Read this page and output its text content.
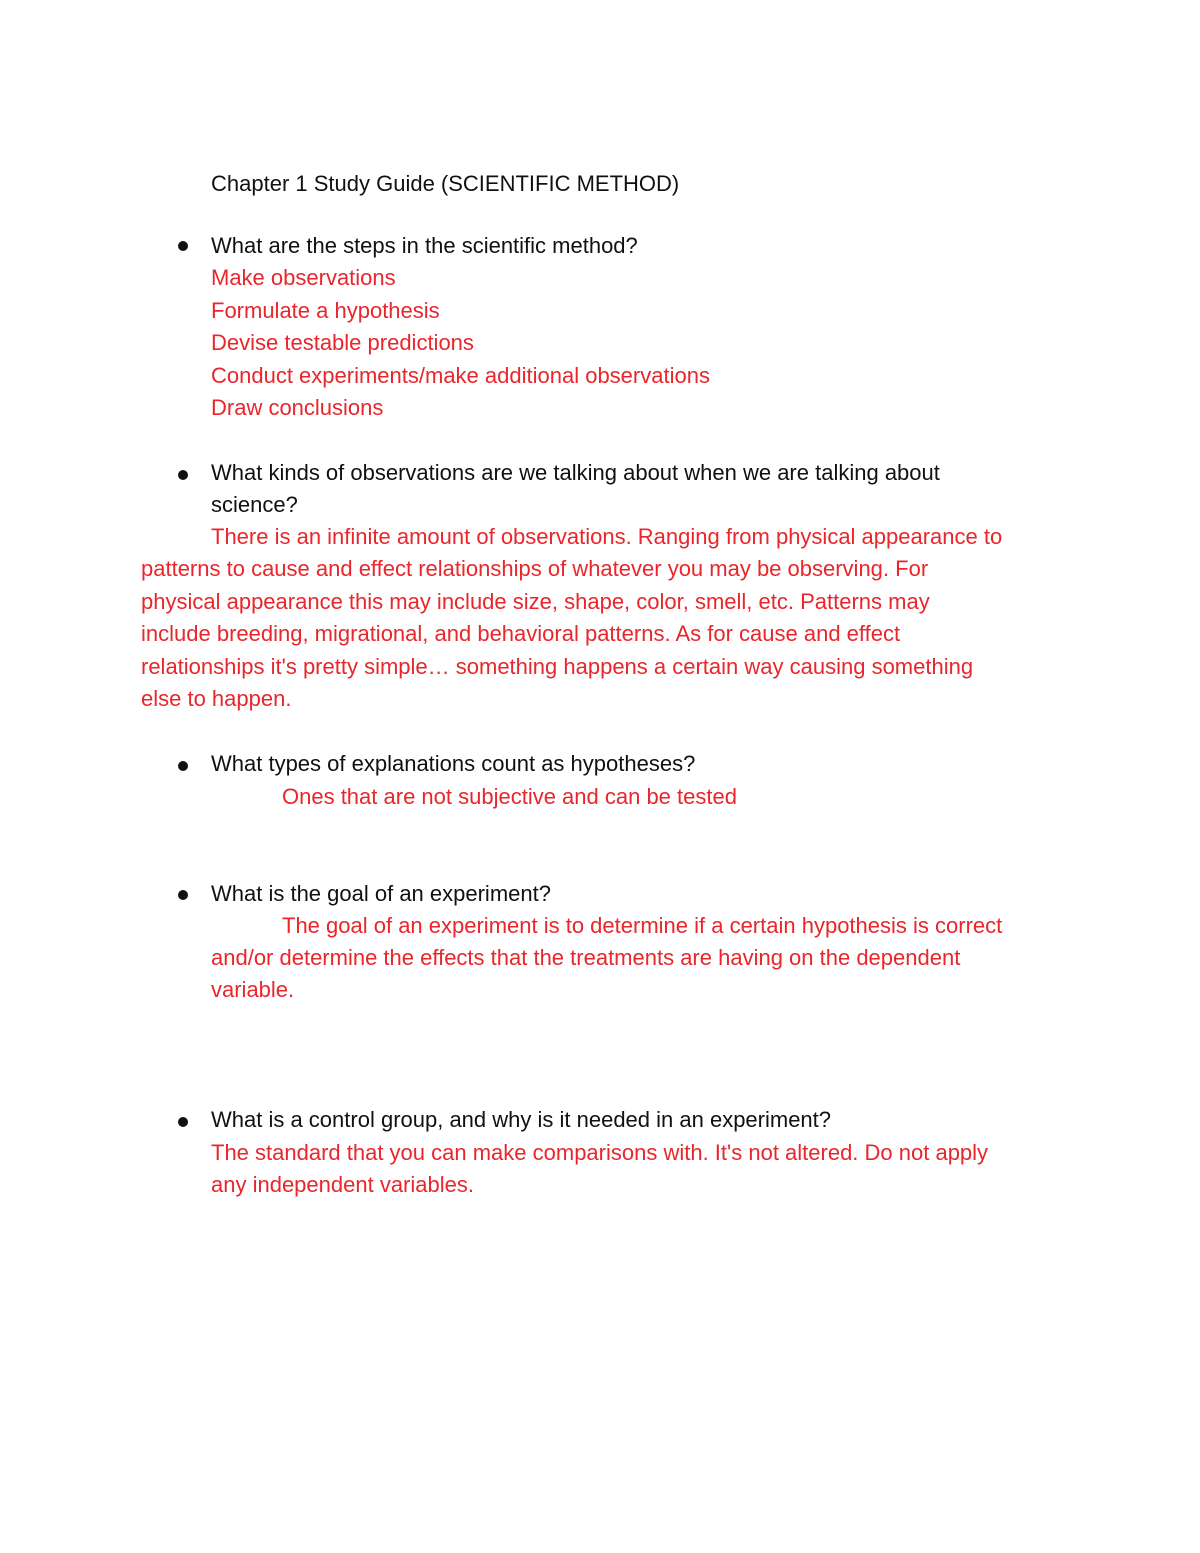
Chapter 1 Study Guide (SCIENTIFIC METHOD)
What are the steps in the scientific method?
Make observations
Formulate a hypothesis
Devise testable predictions
Conduct experiments/make additional observations
Draw conclusions
What kinds of observations are we talking about when we are talking about
science?
There is an infinite amount of observations. Ranging from physical appearance to
patterns to cause and effect relationships of whatever you may be observing. For
physical appearance this may include size, shape, color, smell, etc. Patterns may
include breeding, migrational, and behavioral patterns. As for cause and effect
relationships it's pretty simple… something happens a certain way causing something
else to happen.
What types of explanations count as hypotheses?
Ones that are not subjective and can be tested
What is the goal of an experiment?
The goal of an experiment is to determine if a certain hypothesis is correct
and/or determine the effects that the treatments are having on the dependent
variable.
What is a control group, and why is it needed in an experiment?
The standard that you can make comparisons with. It's not altered. Do not apply
any independent variables.
